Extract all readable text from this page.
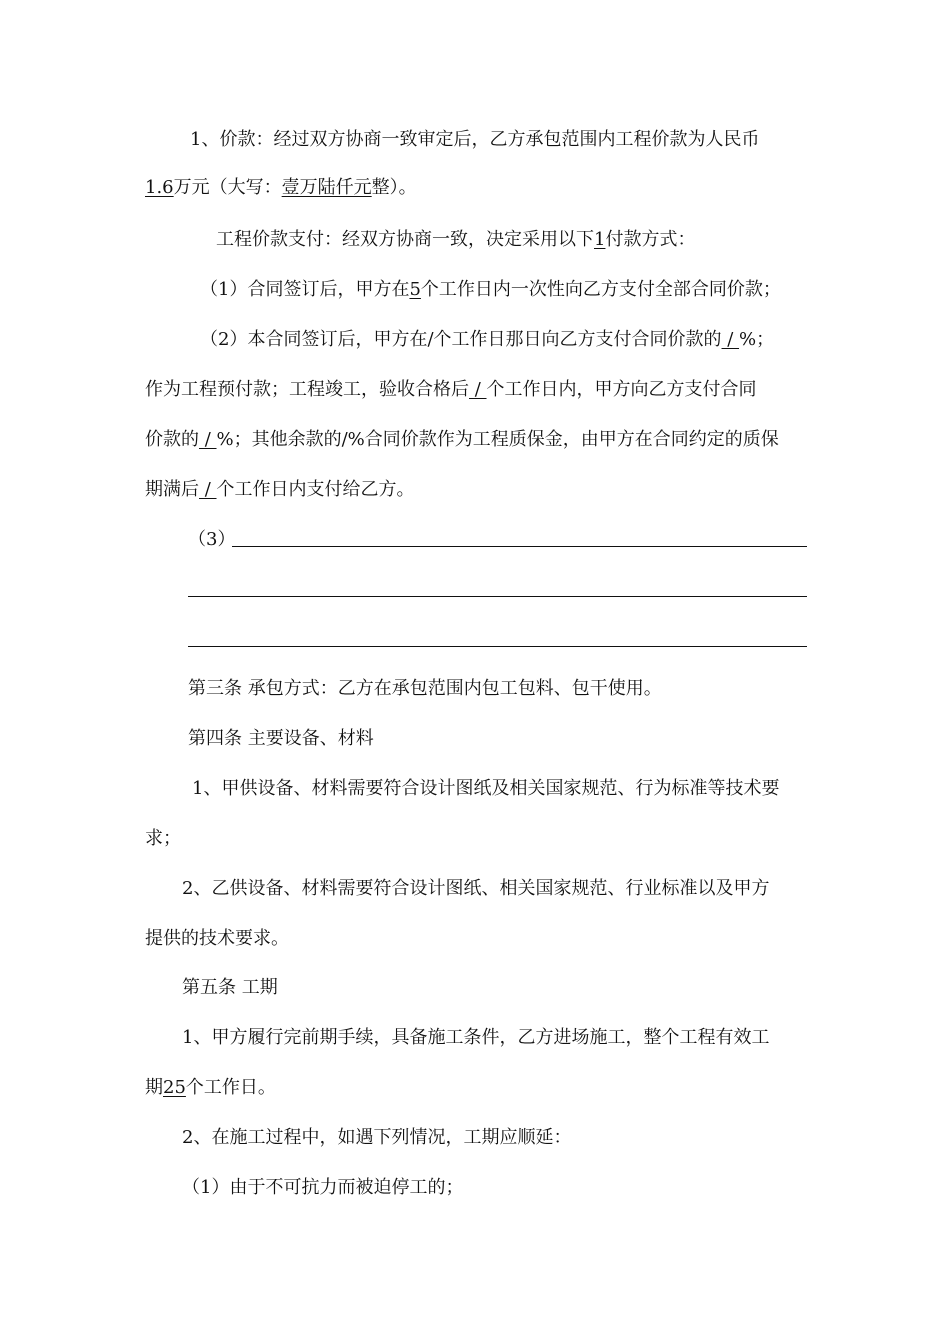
1、价款：经过双方协商一致审定后，乙方承包范围内工程价款为人民币
1.6万元（大写：壹万陆仟元整）。
工程价款支付：经双方协商一致，决定采用以下1付款方式：
（1）合同签订后，甲方在5个工作日内一次性向乙方支付全部合同价款；
（2）本合同签订后，甲方在/个工作日那日向乙方支付合同价款的 / %；
作为工程预付款；工程竣工，验收合格后 / 个工作日内，甲方向乙方支付合同
价款的 / %；其他余款的/%合同价款作为工程质保金，由甲方在合同约定的质保
期满后 / 个工作日内支付给乙方。
（3）
第三条 承包方式：乙方在承包范围内包工包料、包干使用。
第四条 主要设备、材料
1、甲供设备、材料需要符合设计图纸及相关国家规范、行为标准等技术要
求；
2、乙供设备、材料需要符合设计图纸、相关国家规范、行业标准以及甲方
提供的技术要求。
第五条 工期
1、甲方履行完前期手续，具备施工条件，乙方进场施工，整个工程有效工
期25个工作日。
2、在施工过程中，如遇下列情况，工期应顺延：
（1）由于不可抗力而被迫停工的；
